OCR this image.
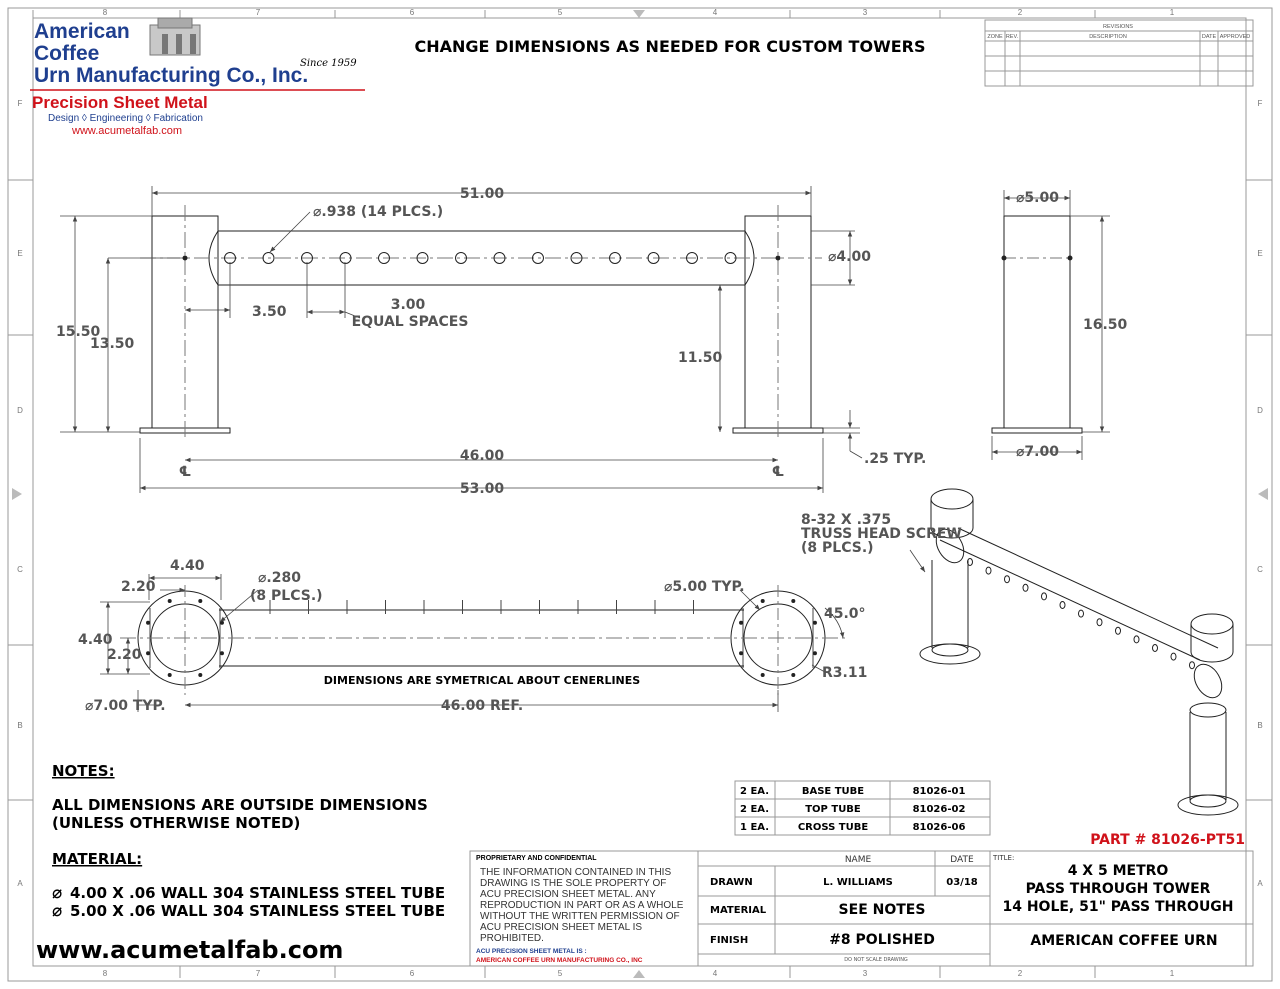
8	7	6	5	4	3	2	1
8	7	6	5	4	3	2	1
F
E
D
C
B
A
F
E
D
C
B
A
American
Coffee
Urn Manufacturing Co., Inc.
Since 1959
Precision Sheet Metal
Design ◊ Engineering ◊ Fabrication
www.acumetalfab.com
CHANGE DIMENSIONS AS NEEDED FOR CUSTOM TOWERS
REVISIONS
ZONE REV.	DESCRIPTION	DATE APPROVED
51.00
⌀.938 (14 PLCS.)
⌀4.00
3.50	3.00
EQUAL SPACES
15.50
13.50
11.50
46.00
53.00
.25 TYP.
℄	℄
⌀5.00
16.50
⌀7.00
4.40
2.20
4.40
2.20
⌀.280
(8 PLCS.)
⌀5.00 TYP.
45.0°
R3.11
⌀7.00 TYP.	46.00 REF.
DIMENSIONS ARE SYMETRICAL ABOUT CENERLINES
8-32 X .375
TRUSS HEAD SCREW
(8 PLCS.)
NOTES:
ALL DIMENSIONS ARE OUTSIDE DIMENSIONS
(UNLESS OTHERWISE NOTED)
MATERIAL:
⌀ 4.00 X .06 WALL 304 STAINLESS STEEL TUBE
⌀ 5.00 X .06 WALL 304 STAINLESS STEEL TUBE
www.acumetalfab.com
2 EA.	BASE TUBE	81026-01
2 EA.	TOP TUBE	81026-02
1 EA.	CROSS TUBE	81026-06
PART # 81026-PT51
PROPRIETARY AND CONFIDENTIAL
THE INFORMATION CONTAINED IN THIS
DRAWING IS THE SOLE PROPERTY OF
ACU PRECISION SHEET METAL. ANY
REPRODUCTION IN PART OR AS A WHOLE
WITHOUT THE WRITTEN PERMISSION OF
ACU PRECISION SHEET METAL IS
PROHIBITED.
ACU PRECISION SHEET METAL IS :
AMERICAN COFFEE URN MANUFACTURING CO., INC
NAME	DATE
DRAWN	L. WILLIAMS	03/18
MATERIAL	SEE NOTES
FINISH	#8 POLISHED
DO NOT SCALE DRAWING
TITLE:
4 X 5 METRO
PASS THROUGH TOWER
14 HOLE, 51" PASS THROUGH
AMERICAN COFFEE URN
